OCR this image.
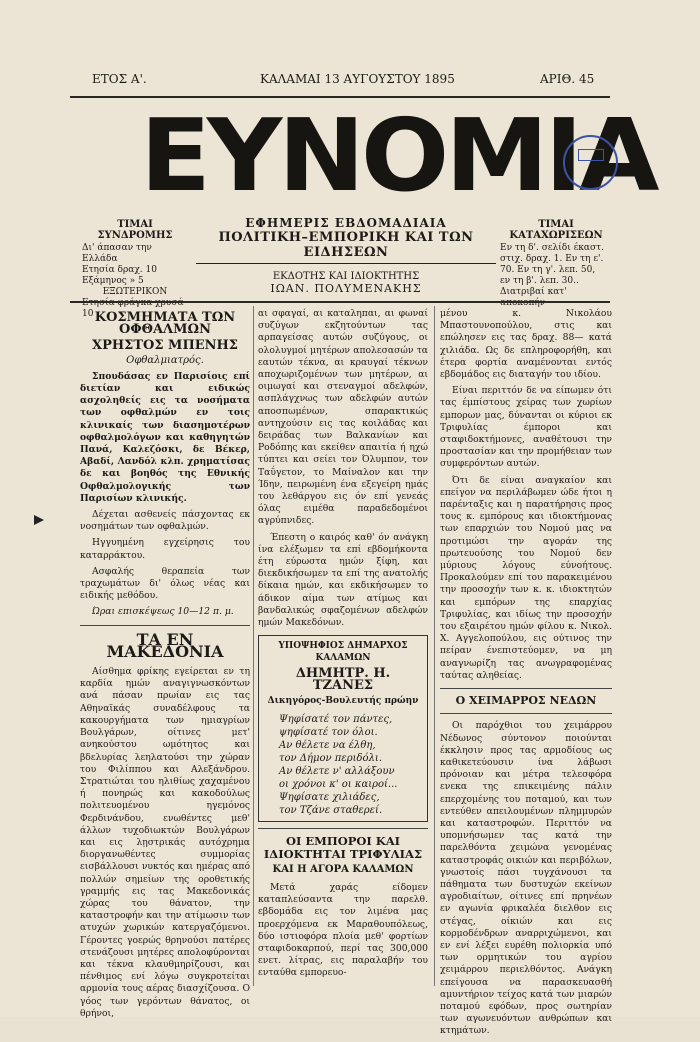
ΕΤΟΣ Α'.	ΚΑΛΑΜΑΙ 13 ΑΥΓΟΥΣΤΟΥ 1895	ΑΡΙΘ. 45
ΕΥΝΟΜΙΑ
ΤΙΜΑΙ ΣΥΝΔΡΟΜΗΣ
Δι' άπασαν την Ελλάδα
Ετησία δραχ. 10
Εξάμηνος » 5
ΕΞΩΤΕΡΙΚΟΝ
Ετησία φράγκα χρυσά 10
ΕΦΗΜΕΡΙΣ ΕΒΔΟΜΑΔΙΑΙΑ
ΠΟΛΙΤΙΚΗ–ΕΜΠΟΡΙΚΗ ΚΑΙ ΤΩΝ ΕΙΔΗΣΕΩΝ
ΕΚΔΟΤΗΣ ΚΑΙ ΙΔΙΟΚΤΗΤΗΣ
ΙΩΑΝ. ΠΟΛΥΜΕΝΑΚΗΣ
ΤΙΜΑΙ ΚΑΤΑΧΩΡΙΣΕΩΝ
Εν τη δ'. σελίδι έκαστ.
στιχ. δραχ. 1. Εν τη ε'.
70. Εν τη γ'. λεπ. 50,
εν τη β'. λεπ. 30..
Διατριβαί κατ' αποκοπήν
ΚΟΣΜΗΜΑΤΑ ΤΩΝ ΟΦΘΑΛΜΩΝ
ΧΡΗΣΤΟΣ ΜΠΕΝΗΣ
Οφθαλμιατρός.

Σπουδάσας εν Παρισίοις επί διετίαν και ειδικώς ασχοληθείς εις τα νοσήματα των οφθαλμών εν τοις κλινικαίς των διασημοτέρων οφθαλμολόγων και καθηγητών Πανά, Καλεζόσκι, δε Βέκερ, Αβαδί, Λανδόλ κλπ. χρηματίσας δε και βοηθός της Εθνικής Οφθαλμολογικής των Παρισίων κλινικής.

Δέχεται ασθενείς πάσχοντας εκ νοσημάτων των οφθαλμών.

Ηγγυημένη εγχείρησις του καταρράκτου.

Ασφαλής θεραπεία των τραχωμάτων δι' όλως νέας και ειδικής μεθόδου.

Ώραι επισκέψεως 10—12 π. μ.

ΤΑ ΕΝ ΜΑΚΕΔΟΝΙΑ

Αίσθημα φρίκης εγείρεται εν τη καρδία ημών αναγιγνωσκόντων ανά πάσαν πρωίαν εις τας Αθηναϊκάς συναδέλφους τα κακουργήματα των ημιαγρίων Βουλγάρων, οίτινες μετ' ανηκούστου ωμότητος και βδελυρίας λεηλατούσι την χώραν του Φιλίππου και Αλεξάνδρου. Στρατιώται του ηλιθίως χαχαμένου ή πονηρώς και κακοδούλως πολιτευομένου ηγεμόνος Φερδινάνδου, ενωθέντες μεθ' άλλων τυχοδιωκτών Βουλγάρων και εις λῃστρικάς αυτόχρημα διοργανωθέντες συμμορίας εισβάλλουσι νυκτός και ημέρας από πολλών σημείων της οροθετικής γραμμής εις τας Μακεδονικάς χώρας του θάνατον, την καταστροφήν και την ατίμωσιν των ατυχών χωρικών κατεργαζόμενοι. Γέροντες γοερώς θρηνούσι πατέρες στενάζουσι μητέρες απολοφύρονται και τέκνα κλαυθμηρίζουσι, και πένθιμος ενί λόγω συγκροτείται αρμονία τους αέρας διασχίζουσα. Ο γόος των γερόντων θάνατος, οι θρήνοι,

αι σφαγαί, αι καταληπαι, αι φωναί συζύγων εκζητούντων τας αρπαγείσας αυτών συζύγους, οι ολολυγμοί μητέρων απολεσασών τα εαυτών τέκνα, αι κραυγαί τέκνων αποχωριζομένων των μητέρων, αι οιμωγαί και στεναγμοί αδελφών, ασπλάγχνως των αδελφών αυτών αποσπωμένων, σπαρακτικώς αντηχούσιν εις τας κοιλάδας και δειράδας των Βαλκανίων και Ροδόπης και εκείθεν απαιτία ή ηχώ τύπτει και σείει τον Όλυμπον, τον Ταΰγετον, το Μαίναλον και την Ίδην, πειρωμένη ένα εξεγείρη ημάς του λεθάργου εις όν επί γενεάς όλας ειμέθα παραδεδομένοι αγρύπνιδες.

Έπεστη ο καιρός καθ' όν ανάγκη ίνα ελέξωμεν τα επί εβδομήκοντα έτη εύρωστα ημών ξίφη, και διεκδικήσωμεν τα επί της ανατολής δίκαια ημών, και εκδικήσωμεν το άδικον αίμα των ατίμως και βανδαλικώς σφαζομένων αδελφών ημών Μακεδόνων.

ΥΠΟΨΗΦΙΟΣ ΔΗΜΑΡΧΟΣ ΚΑΛΑΜΩΝ
ΔΗΜΗΤΡ. Η. ΤΖΑΝΕΣ
Δικηγόρος-Βουλευτής πρώην
Ψηφίσατέ τον πάντες,
ψηφίσατέ τον όλοι.
Αν θέλετε να έλθη,
τον Δήμον περιδόλι.
Αν θέλετε ν' αλλάξουν
οι χρόνοι κ' οι καιροί...
Ψηφίσατε χιλιάδες,
τον Τζάνε σταθερεί.
ΟΙ ΕΜΠΟΡΟΙ ΚΑΙ ΙΔΙΟΚΤΗΤΑΙ ΤΡΙΦΥΛΙΑΣ
ΚΑΙ Η ΑΓΟΡΑ ΚΑΛΑΜΩΝ

Μετά χαράς είδομεν καταπλεύσαντα την παρελθ. εβδομάδα εις τον λιμένα μας προερχόμενα εκ Μαραθουπόλεως, δύο ιστιοφόρα πλοία μεθ' φορτίων σταφιδοκαρπού, περί τας 300,000 ενετ. λίτρας, εις παραλαβήν του ενταύθα εμπορευο-

μένου κ. Νικολάου Μπαστουνοπούλου, στις και επώλησεν εις τας δραχ. 88— κατά χιλιάδα. Ως δε επληροφορήθη, και έτερα φορτία αναμένονται εντός εβδομάδος εις διαταγήν του ιδίου.

Είναι περιττόν δε να είπωμεν ότι τας έμπίστους χείρας των χωρίων εμπορων μας, δύνανται οι κύριοι εκ Τριφυλίας έμποροι και σταφιδοκτήμονες, αναθέτουσι την προστασίαν και την προμήθειαν των συμφερόντων αυτών.

Ότι δε είναι αναγκαίον και επείγον να περιλάβωμεν ώδε ήτοι η παρένταξις και η παρατήρησις προς τους κ. εμπόρους και ιδιοκτήμονας των επαρχιών του Νομού μας να προτιμώσι την αγοράν της πρωτευούσης του Νομού δεν μύριους λόγους εύνοήτους. Προκαλούμεν επί του παρακειμένου την προσοχήν των κ. κ. ιδιοκτητών και εμπόρων της επαρχίας Τριφυλίας, και ιδίως την προσοχήν του εξαιρέτου ημών φίλου κ. Νικολ. Χ. Αγγελοπούλου, εις ούτινος την πείραν ένεπιστεύομεν, να μη αναγνωρίζη τας ανωγραφομένας ταύτας αληθείας.

Ο ΧΕΙΜΑΡΡΟΣ ΝΕΔΩΝ

Οι παρόχθιοι του χειμάρρου Νέδωνος σύντονον ποιούνται έκκλησιν προς τας αρμοδίους ως καθικετεύουσιν ίνα λάβωσι πρόνοιαν και μέτρα τελεσφόρα ενεκα της επικειμένης πάλιν επερχομένης του ποταμού, και των εντεύθεν απειλουμένων πλημμυρών και καταστροφών. Περιττόν να υπομνήσωμεν τας κατά την παρελθόντα χειμώνα γενομένας καταστροφάς οικιών και περιβόλων, γνωστοίς πάσι τυγχάνουσι τα πάθηματα των δυστυχών εκείνων αγροδιαίτων, οίτινες επί πρηνέων εν αγωνία φρικαλέα διελθον εις στέγας, οίκιών και εις κορμοδένδρων αναρριχώμενοι, και εν ενί λέξει ευρέθη πολιορκία υπό των ορμητικών του αγρίου χειμάρρου περιελθόντος. Ανάγκη επείγουσα να παρασκευασθή αμυντήριον τείχος κατά των μιαρών ποταμού εφόδων, προς σωτηρίαν των αγωνευόντων ανθρώπων και κτημάτων.
